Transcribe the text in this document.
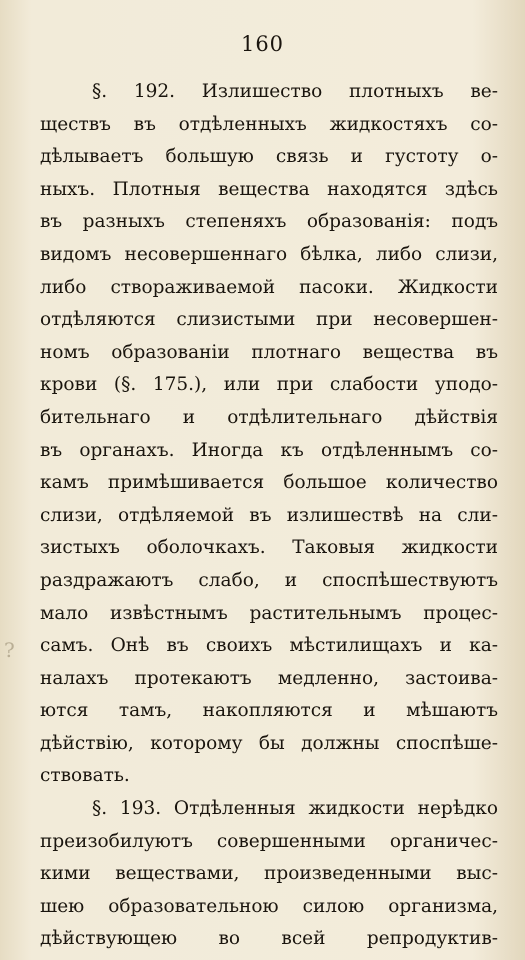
160
?
§. 192. Излишество плотныхъ ве-
ществъ въ отдѣленныхъ жидкостяхъ со-
дѣлываетъ большую связь и густоту о-
ныхъ. Плотныя вещества находятся здѣсь
въ разныхъ степеняхъ образованія: подъ
видомъ несовершеннаго бѣлка, либо слизи,
либо створаживаемой пасоки. Жидкости
отдѣляются слизистыми при несовершен-
номъ образованіи плотнаго вещества въ
крови (§. 175.), или при слабости уподо-
бительнаго и отдѣлительнаго дѣйствія
въ органахъ. Иногда къ отдѣленнымъ со-
камъ примѣшивается большое количество
слизи, отдѣляемой въ излишествѣ на сли-
зистыхъ оболочкахъ. Таковыя жидкости
раздражаютъ слабо, и споспѣшествуютъ
мало извѣстнымъ растительнымъ процес-
самъ. Онѣ въ своихъ мѣстилищахъ и ка-
налахъ протекаютъ медленно, застоива-
ются тамъ, накопляются и мѣшаютъ
дѣйствію, которому бы должны споспѣше-
ствовать.
§. 193. Отдѣленныя жидкости нерѣдко
преизобилуютъ совершенными органичес-
кими веществами, произведенными выс-
шею образовательною силою организма,
дѣйствующею во всей репродуктив-
